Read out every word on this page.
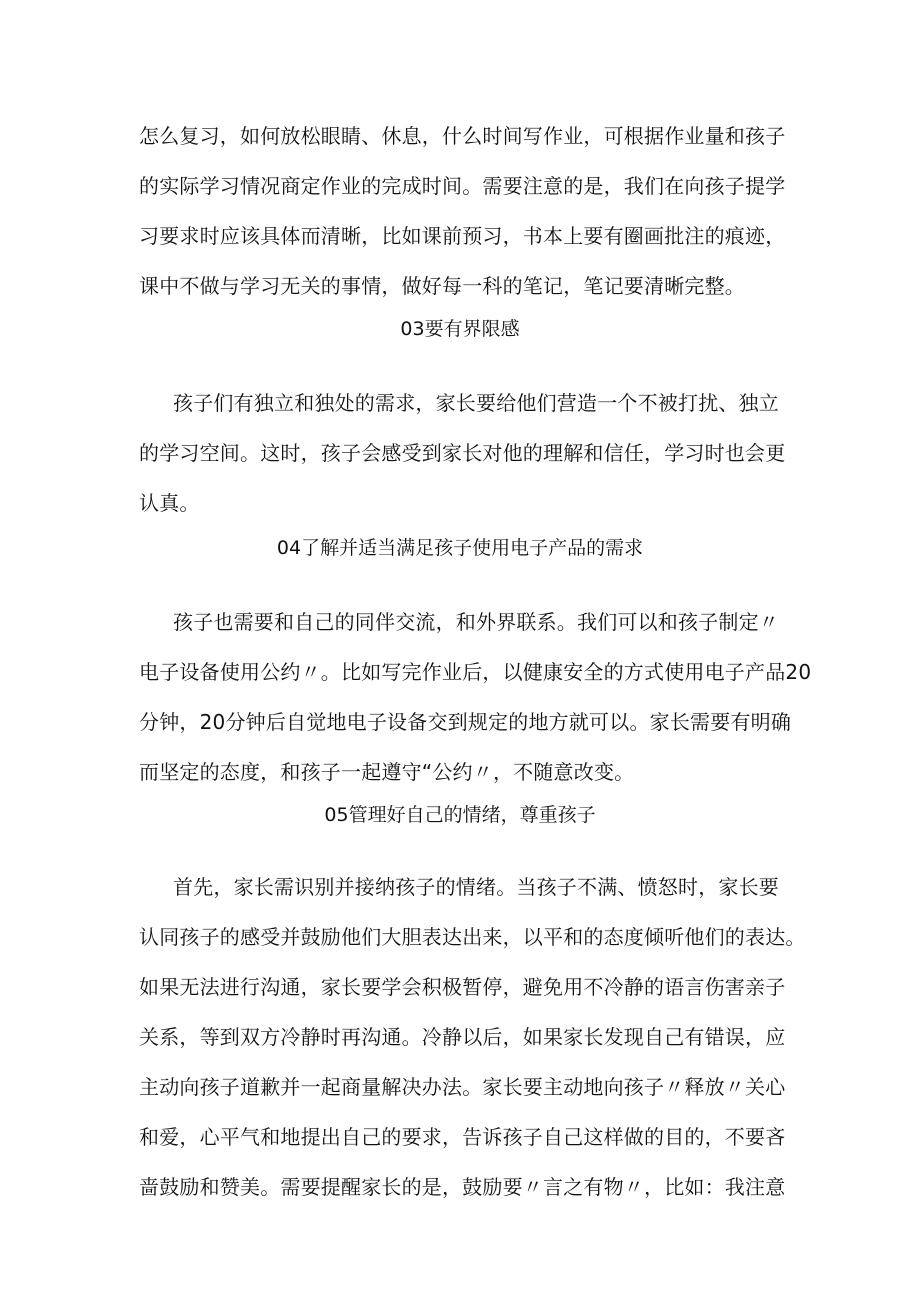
怎么复习，如何放松眼睛、休息，什么时间写作业，可根据作业量和孩子
的实际学习情况商定作业的完成时间。需要注意的是，我们在向孩子提学
习要求时应该具体而清晰，比如课前预习，书本上要有圈画批注的痕迹，
课中不做与学习无关的事情，做好每一科的笔记，笔记要清晰完整。
03要有界限感
孩子们有独立和独处的需求，家长要给他们营造一个不被打扰、独立
的学习空间。这时，孩子会感受到家长对他的理解和信任，学习时也会更
认真。
04了解并适当满足孩子使用电子产品的需求
孩子也需要和自己的同伴交流，和外界联系。我们可以和孩子制定〃
电子设备使用公约〃。比如写完作业后，以健康安全的方式使用电子产品20
分钟，20分钟后自觉地电子设备交到规定的地方就可以。家长需要有明确
而坚定的态度，和孩子一起遵守“公约〃，不随意改变。
05管理好自己的情绪，尊重孩子
首先，家长需识别并接纳孩子的情绪。当孩子不满、愤怒时，家长要
认同孩子的感受并鼓励他们大胆表达出来，以平和的态度倾听他们的表达。
如果无法进行沟通，家长要学会积极暂停，避免用不冷静的语言伤害亲子
关系，等到双方冷静时再沟通。冷静以后，如果家长发现自己有错误，应
主动向孩子道歉并一起商量解决办法。家长要主动地向孩子〃释放〃关心
和爱，心平气和地提出自己的要求，告诉孩子自己这样做的目的，不要吝
啬鼓励和赞美。需要提醒家长的是，鼓励要〃言之有物〃，比如：我注意
